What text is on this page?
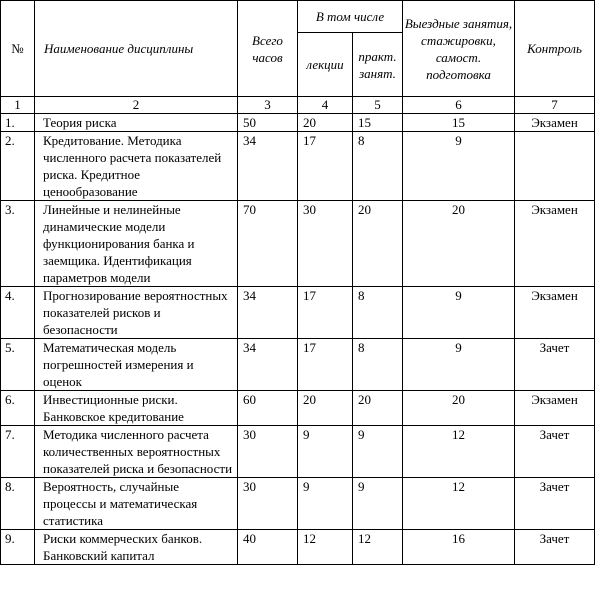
№	Наименование дисциплины	Всего часов	В том числе		Выездные занятия, стажировки, самост. подготовка	Контроль
			лекции	практ. занят.		
1	2	3	4	5	6	7
1.	Теория риска	50	20	15	15	Экзамен
2.	Кредитование. Методика численного расчета показателей риска. Кредитное ценообразование	34	17	8	9	
3.	Линейные и нелинейные динамические модели функционирования банка и заемщика. Идентификация параметров модели	70	30	20	20	Экзамен
4.	Прогнозирование вероятностных показателей рисков и безопасности	34	17	8	9	Экзамен
5.	Математическая модель погрешностей измерения и оценок	34	17	8	9	Зачет
6.	Инвестиционные риски. Банковское кредитование	60	20	20	20	Экзамен
7.	Методика численного расчета количественных вероятностных показателей риска и безопасности	30	9	9	12	Зачет
8.	Вероятность, случайные процессы и математическая статистика	30	9	9	12	Зачет
9.	Риски коммерческих банков. Банковский капитал	40	12	12	16	Зачет
